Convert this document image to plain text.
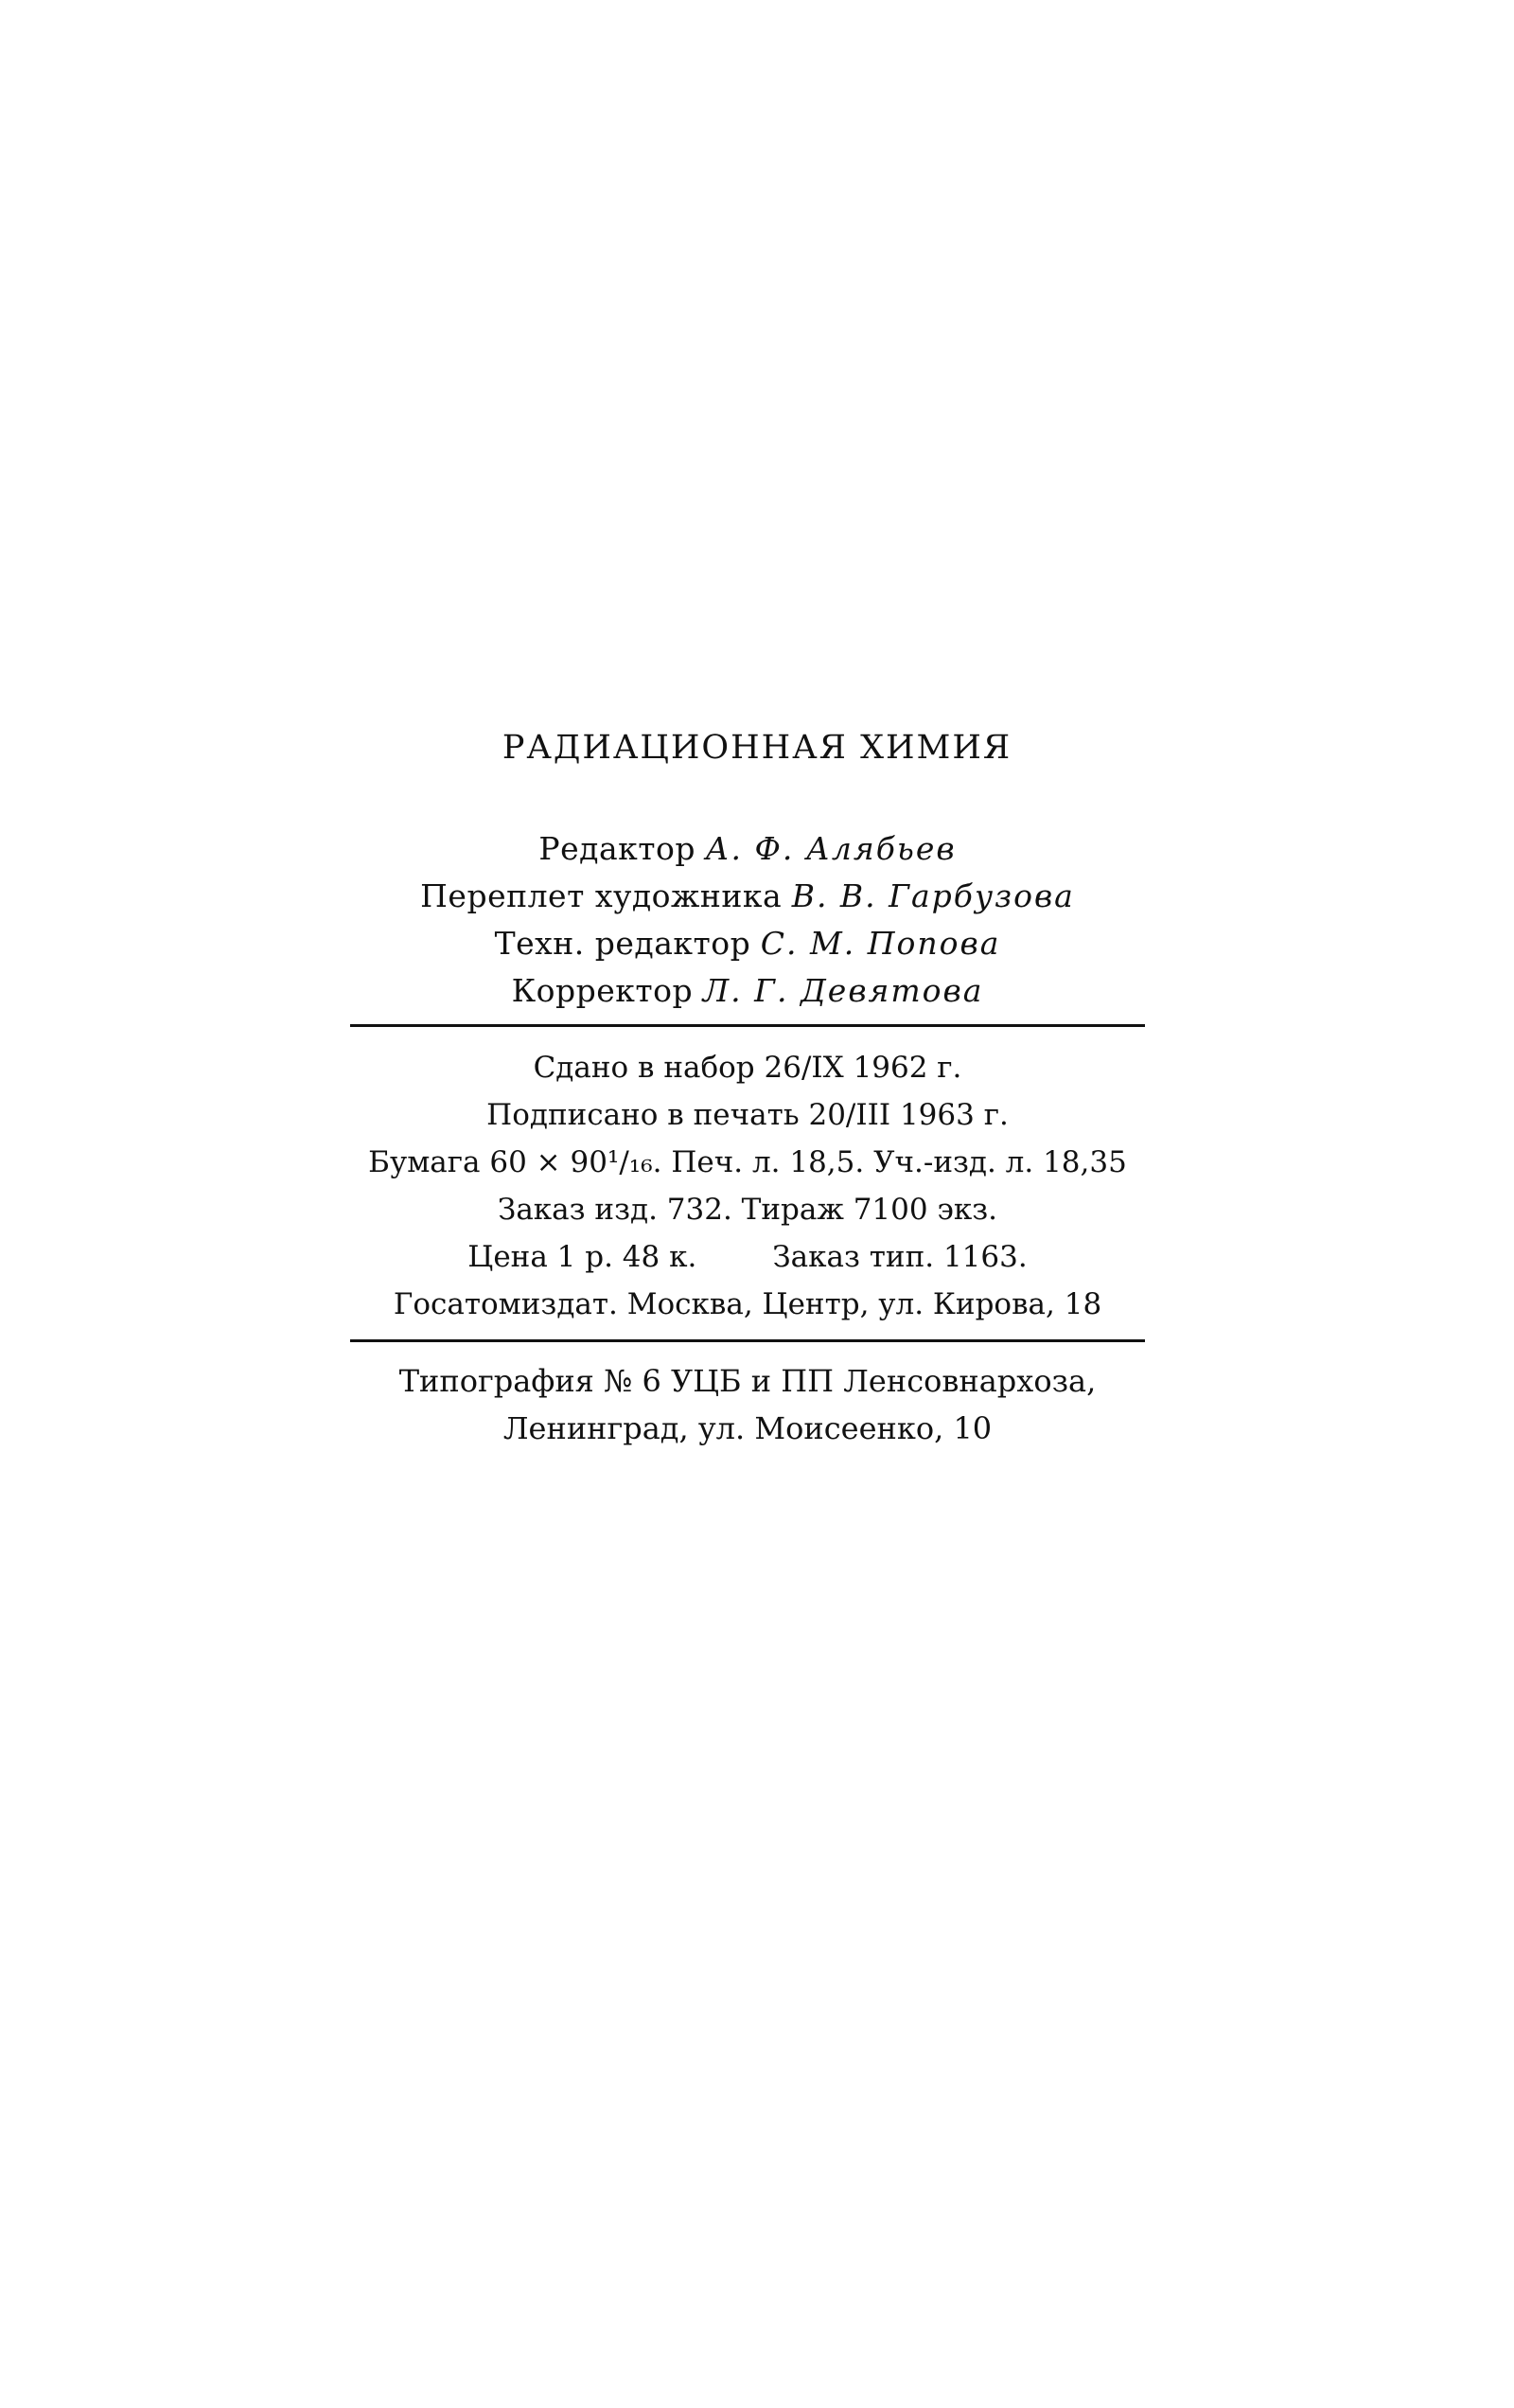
РАДИАЦИОННАЯ ХИМИЯ
Редактор А. Ф. Алябьев
Переплет художника В. В. Гарбузова
Техн. редактор С. М. Попова
Корректор Л. Г. Девятова
Сдано в набор 26/IX 1962 г.
Подписано в печать 20/III 1963 г.
Бумага 60 × 90¹/₁₆. Печ. л. 18,5. Уч.-изд. л. 18,35
Заказ изд. 732. Тираж 7100 экз.
Цена 1 р. 48 к.	Заказ тип. 1163.
Госатомиздат. Москва, Центр, ул. Кирова, 18
Типография № 6 УЦБ и ПП Ленсовнархоза,
Ленинград, ул. Моисеенко, 10
